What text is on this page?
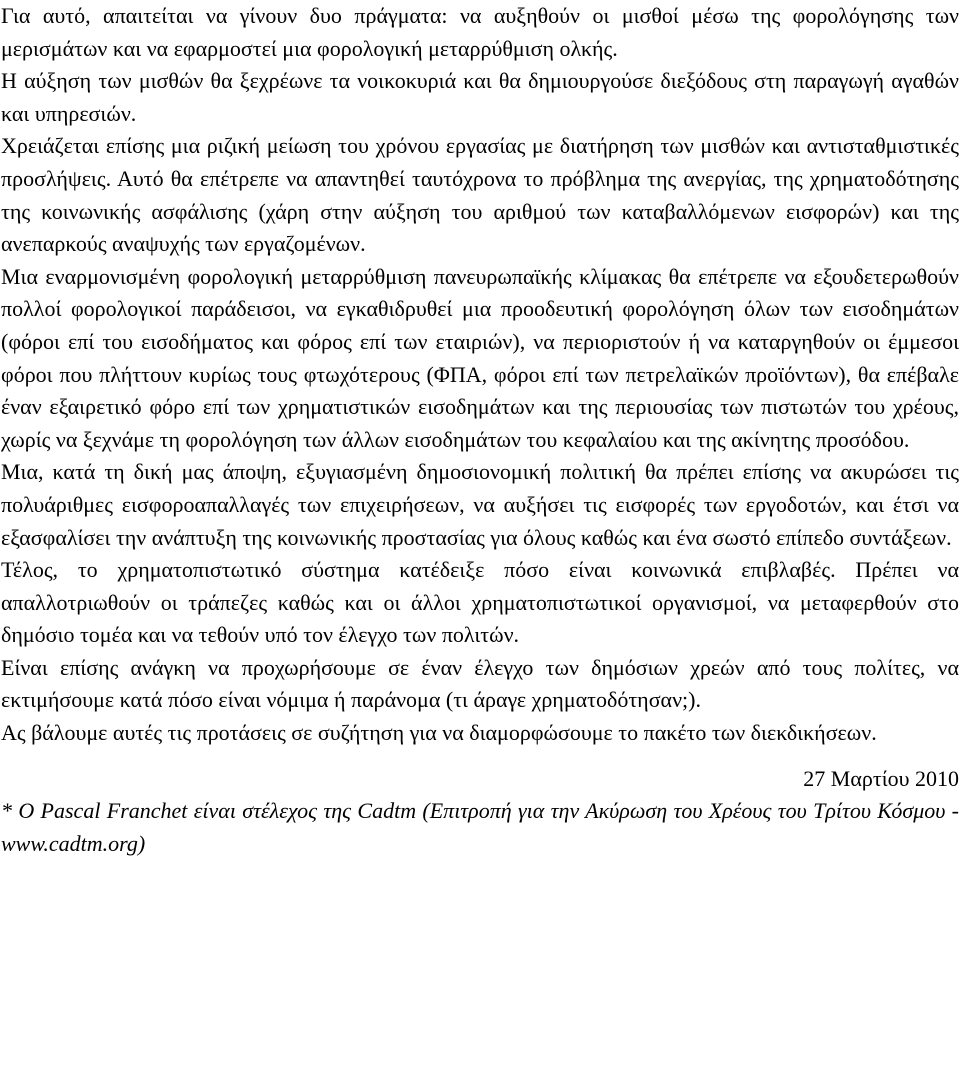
Για αυτό, απαιτείται να γίνουν δυο πράγματα: να αυξηθούν οι μισθοί μέσω της φορολόγησης των μερισμάτων και να εφαρμοστεί μια φορολογική μεταρρύθμιση ολκής.

Η αύξηση των μισθών θα ξεχρέωνε τα νοικοκυριά και θα δημιουργούσε διεξόδους στη παραγωγή αγαθών και υπηρεσιών.

Χρειάζεται επίσης μια ριζική μείωση του χρόνου εργασίας με διατήρηση των μισθών και αντισταθμιστικές προσλήψεις. Αυτό θα επέτρεπε να απαντηθεί ταυτόχρονα το πρόβλημα της ανεργίας, της χρηματοδότησης της κοινωνικής ασφάλισης (χάρη στην αύξηση του αριθμού των καταβαλλόμενων εισφορών) και της ανεπαρκούς αναψυχής των εργαζομένων.

Μια εναρμονισμένη φορολογική μεταρρύθμιση πανευρωπαϊκής κλίμακας θα επέτρεπε να εξουδετερωθούν πολλοί φορολογικοί παράδεισοι, να εγκαθιδρυθεί μια προοδευτική φορολόγηση όλων των εισοδημάτων (φόροι επί του εισοδήματος και φόρος επί των εταιριών), να περιοριστούν ή να καταργηθούν οι έμμεσοι φόροι που πλήττουν κυρίως τους φτωχότερους (ΦΠΑ, φόροι επί των πετρελαϊκών προϊόντων), θα επέβαλε έναν εξαιρετικό φόρο επί των χρηματιστικών εισοδημάτων και της περιουσίας των πιστωτών του χρέους, χωρίς να ξεχνάμε τη φορολόγηση των άλλων εισοδημάτων του κεφαλαίου και της ακίνητης προσόδου.

Μια, κατά τη δική μας άποψη, εξυγιασμένη δημοσιονομική πολιτική θα πρέπει επίσης να ακυρώσει τις πολυάριθμες εισφοροαπαλλαγές των επιχειρήσεων, να αυξήσει τις εισφορές των εργοδοτών, και έτσι να εξασφαλίσει την ανάπτυξη της κοινωνικής προστασίας για όλους καθώς και ένα σωστό επίπεδο συντάξεων.

Τέλος, το χρηματοπιστωτικό σύστημα κατέδειξε πόσο είναι κοινωνικά επιβλαβές. Πρέπει να απαλλοτριωθούν οι τράπεζες καθώς και οι άλλοι χρηματοπιστωτικοί οργανισμοί, να μεταφερθούν στο δημόσιο τομέα και να τεθούν υπό τον έλεγχο των πολιτών.

Είναι επίσης ανάγκη να προχωρήσουμε σε έναν έλεγχο των δημόσιων χρεών από τους πολίτες, να εκτιμήσουμε κατά πόσο είναι νόμιμα ή παράνομα (τι άραγε χρηματοδότησαν;).

Ας βάλουμε αυτές τις προτάσεις σε συζήτηση για να διαμορφώσουμε το πακέτο των διεκδικήσεων.

27 Μαρτίου 2010

* Ο Pascal Franchet είναι στέλεχος της Cadtm (Επιτροπή για την Ακύρωση του Χρέους του Τρίτου Κόσμου - www.cadtm.org)
